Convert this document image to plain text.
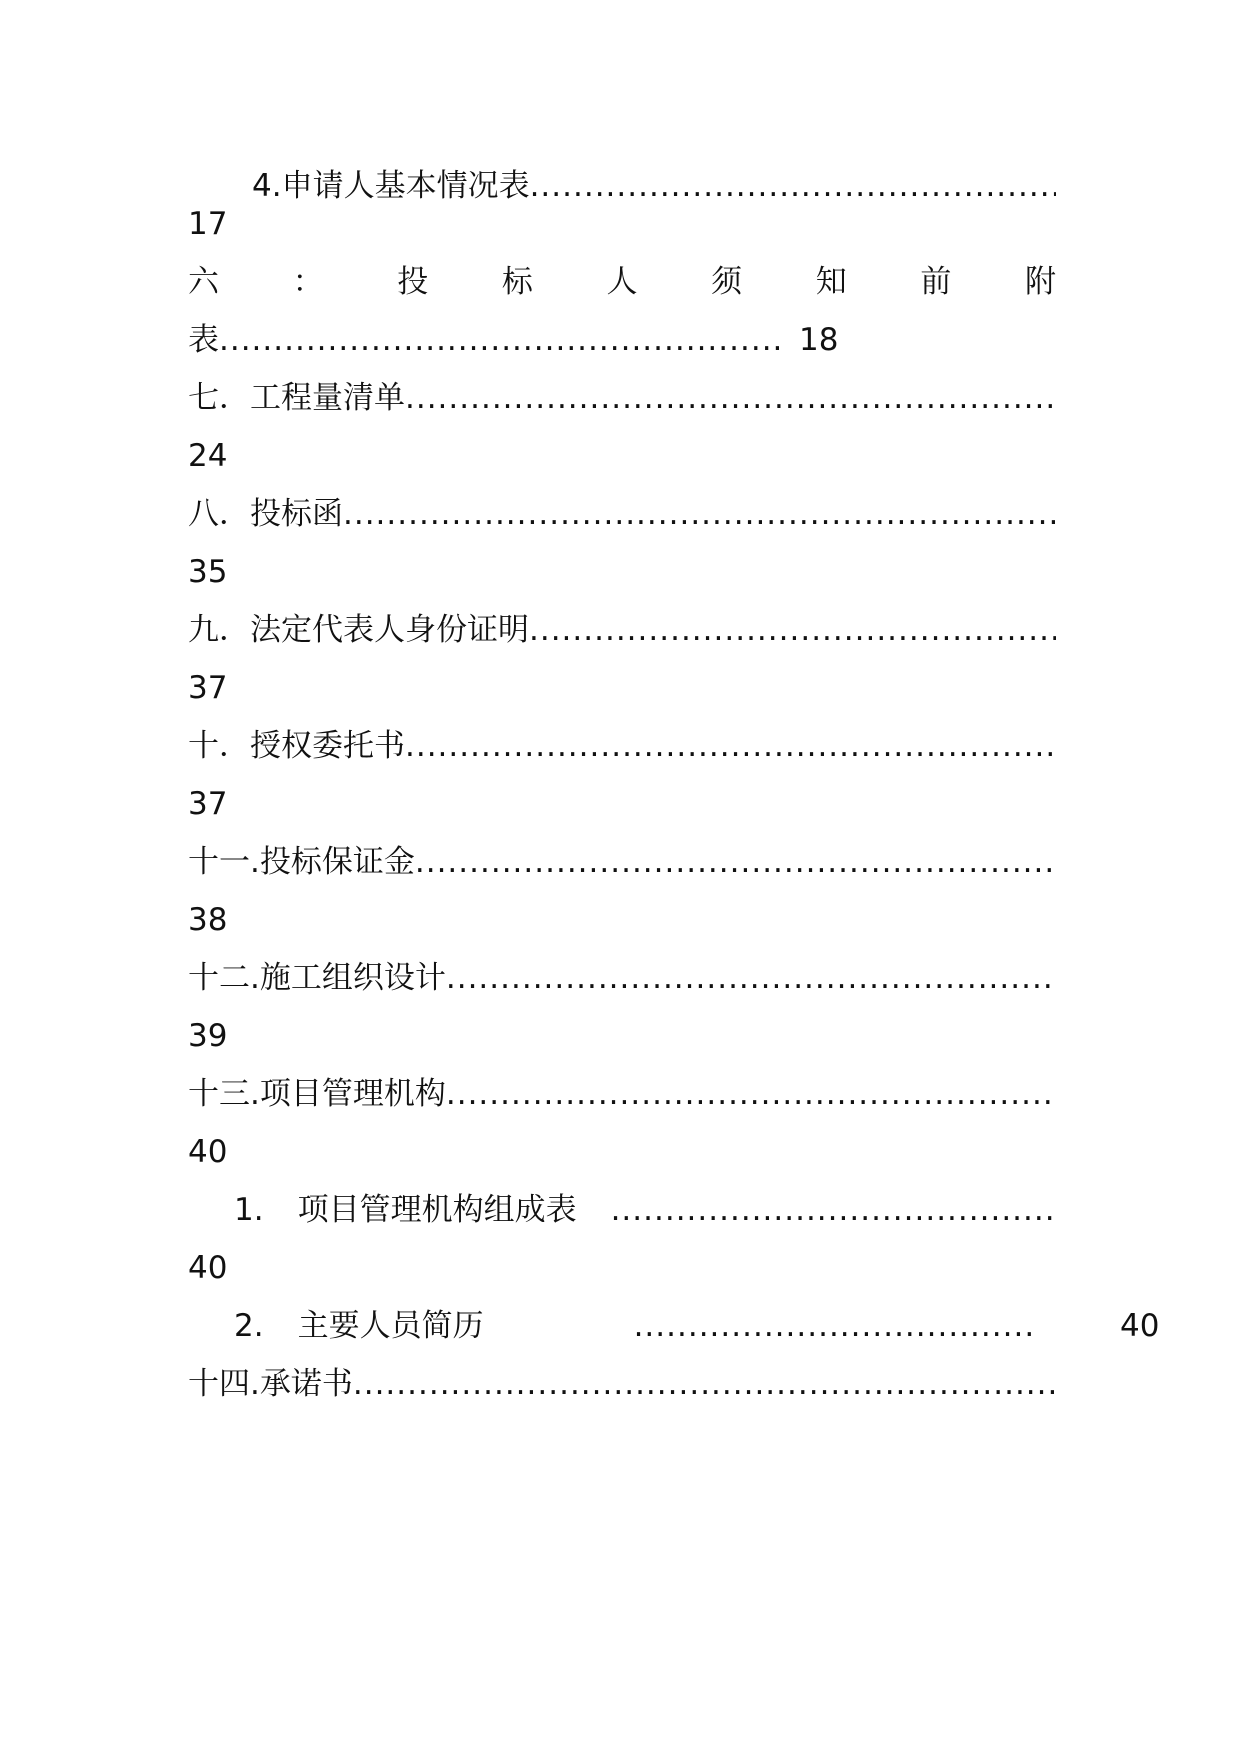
4.申请人基本情况表
.....
17
六 ： 投 标 人 须 知 前 附
表 .....	18
七．工程量清单
.....
24
八．投标函
.....
35
九．法定代表人身份证明
.....
37
十．授权委托书
.....
37
十一.投标保证金
.....
38
十二.施工组织设计
.....
39
十三.项目管理机构
.....
40
1. 项目管理机构组成表
.....
40
2. 主要人员简历 .....	40
十四.承诺书
.....
